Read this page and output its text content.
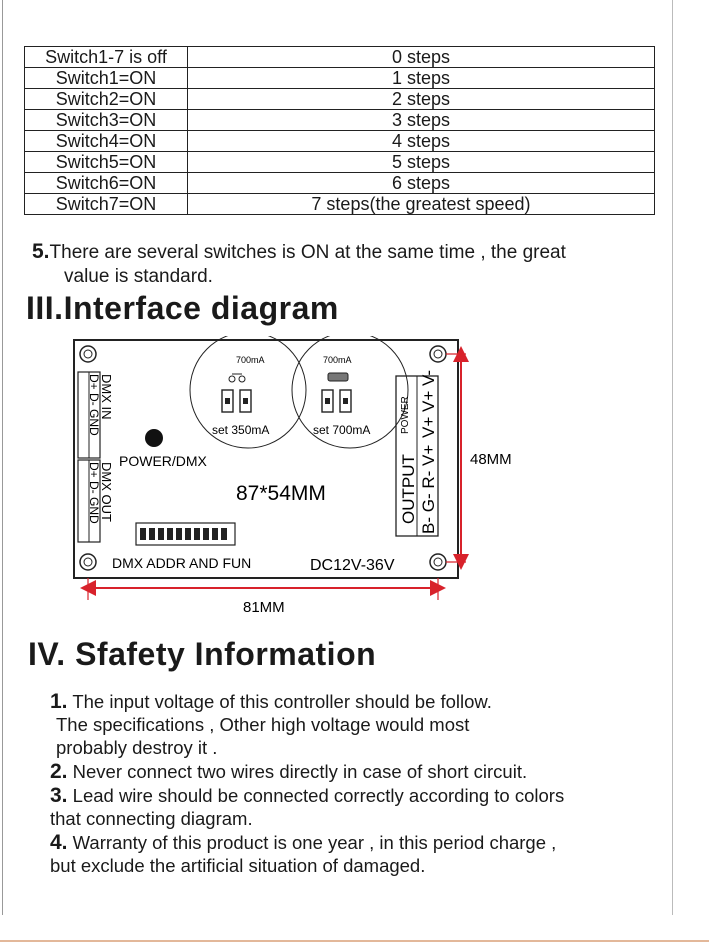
Switch1-7 is off	0 steps
Switch1=ON	1 steps
Switch2=ON	2 steps
Switch3=ON	3 steps
Switch4=ON	4 steps
Switch5=ON	5 steps
Switch6=ON	6 steps
Switch7=ON	7 steps(the greatest speed)
5.There are several switches is ON at the same time , the great
value is standard.
III.Interface diagram
DMX IN
D+ D- GND
DMX OUT
D+ D- GND
POWER/DMX
700mA
set 350mA
700mA
set 700mA
87*54MM
POWER V+ V+ V-
OUTPUT B- G- R- V+
DMX ADDR AND FUN	DC12V-36V
48MM
81MM
IV. Sfafety Information
1. The input voltage of this controller should be follow.
The specifications , Other high voltage would most
probably destroy it .
2. Never connect two wires directly in case of short circuit.
3. Lead wire should be connected correctly according to colors
that connecting diagram.
4. Warranty of this product is one year , in this period charge ,
but exclude the artificial situation of damaged.
